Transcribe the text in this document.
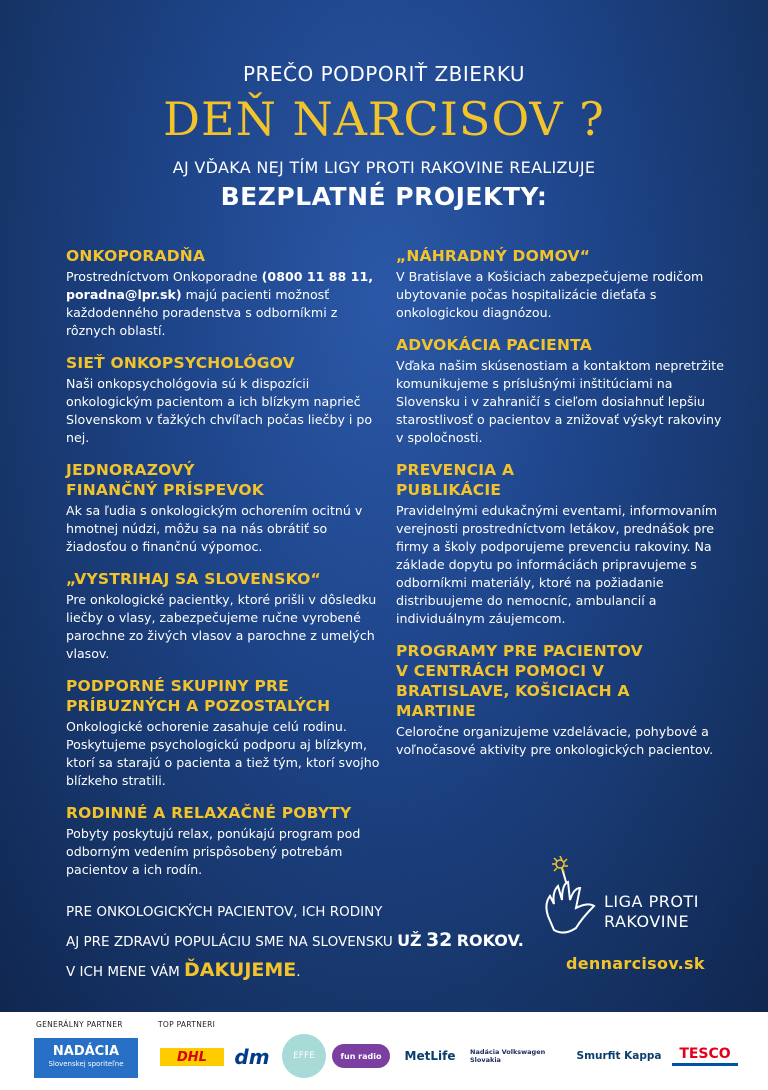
PREČO PODPORIŤ ZBIERKU
DEŇ NARCISOV ?
AJ VĎAKA NEJ TÍM LIGY PROTI RAKOVINE REALIZUJE
BEZPLATNÉ PROJEKTY:
ONKOPORADŇA

Prostredníctvom Onkoporadne (0800 11 88 11, poradna@lpr.sk) majú pacienti možnosť každodenného poradenstva s odborníkmi z rôznych oblastí.

SIEŤ ONKOPSYCHOLÓGOV

Naši onkopsychológovia sú k dispozícii onkologickým pacientom a ich blízkym naprieč Slovenskom v ťažkých chvíľach počas liečby i po nej.

JEDNORAZOVÝ FINANČNÝ PRÍSPEVOK

Ak sa ľudia s onkologickým ochorením ocitnú v hmotnej núdzi, môžu sa na nás obrátiť so žiadosťou o finančnú výpomoc.

„VYSTRIHAJ SA SLOVENSKO“

Pre onkologické pacientky, ktoré prišli v dôsledku liečby o vlasy, zabezpečujeme ručne vyrobené parochne zo živých vlasov a parochne z umelých vlasov.

PODPORNÉ SKUPINY PRE PRÍBUZNÝCH A POZOSTALÝCH

Onkologické ochorenie zasahuje celú rodinu. Poskytujeme psychologickú podporu aj blízkym, ktorí sa starajú o pacienta a tiež tým, ktorí svojho blízkeho stratili.

RODINNÉ A RELAXAČNÉ POBYTY

Pobyty poskytujú relax, ponúkajú program pod odborným vedením prispôsobený potrebám pacientov a ich rodín.

„NÁHRADNÝ DOMOV“

V Bratislave a Košiciach zabezpečujeme rodičom ubytovanie počas hospitalizácie dieťaťa s onkologickou diagnózou.

ADVOKÁCIA PACIENTA

Vďaka našim skúsenostiam a kontaktom nepretržite komunikujeme s príslušnými inštitúciami na Slovensku i v zahraničí s cieľom dosiahnuť lepšiu starostlivosť o pacientov a znižovať výskyt rakoviny v spoločnosti.

PREVENCIA A PUBLIKÁCIE

Pravidelnými edukačnými eventami, informovaním verejnosti prostredníctvom letákov, prednášok pre firmy a školy podporujeme prevenciu rakoviny. Na základe dopytu po informáciách pripravujeme s odborníkmi materiály, ktoré na požiadanie distribuujeme do nemocníc, ambulancií a individuálnym záujemcom.

PROGRAMY PRE PACIENTOV V CENTRÁCH POMOCI V BRATISLAVE, KOŠICIACH A MARTINE

Celoročne organizujeme vzdelávacie, pohybové a voľnočasové aktivity pre onkologických pacientov.

PRE ONKOLOGICKÝCH PACIENTOV, ICH RODINY
AJ PRE ZDRAVÚ POPULÁCIU SME NA SLOVENSKU UŽ 32 ROKOV.
V ICH MENE VÁM ĎAKUJEME.
LIGA PROTI
RAKOVINE
dennarcisov.sk
GENERÁLNY PARTNER	TOP PARTNERI
NADÁCIA
Slovenskej sporiteľne	DHL	dm	EFFE	fun radio	MetLife	Nadácia Volkswagen Slovakia	Smurfit Kappa	TESCO
